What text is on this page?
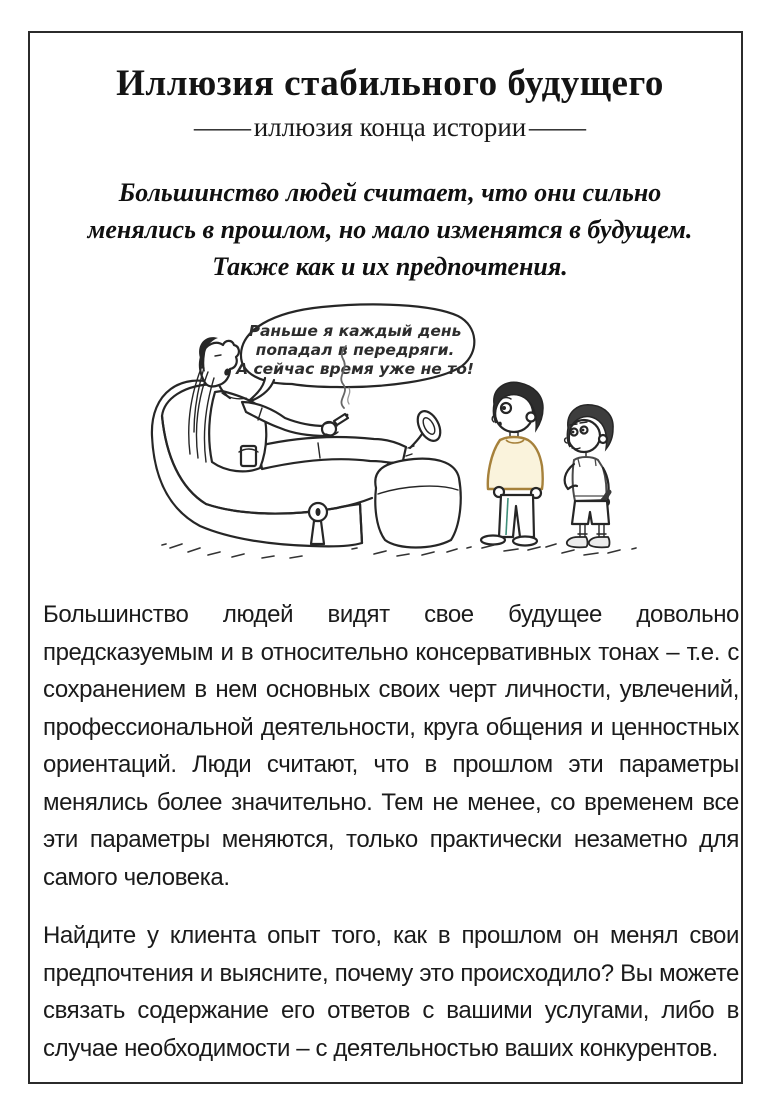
Иллюзия стабильного будущего
— иллюзия конца истории —
Большинство людей считает, что они сильно
менялись в прошлом, но мало изменятся в будущем.
Также как и их предпочтения.
Раньше я каждый день
попадал в передряги.
А сейчас время уже не то!

Большинство людей видят свое будущее довольно предсказуемым и в относительно консервативных тонах – т.е. с сохранением в нем основных своих черт личности, увлечений, профессиональной деятельности, круга общения и ценностных ориентаций. Люди считают, что в прошлом эти параметры менялись более значительно. Тем не менее, со временем все эти параметры меняются, только практически незаметно для самого человека.

Найдите у клиента опыт того, как в прошлом он менял свои предпочтения и выясните, почему это происходило? Вы можете связать содержание его ответов с вашими услугами, либо в случае необходимости – с деятельностью ваших конкурентов.
